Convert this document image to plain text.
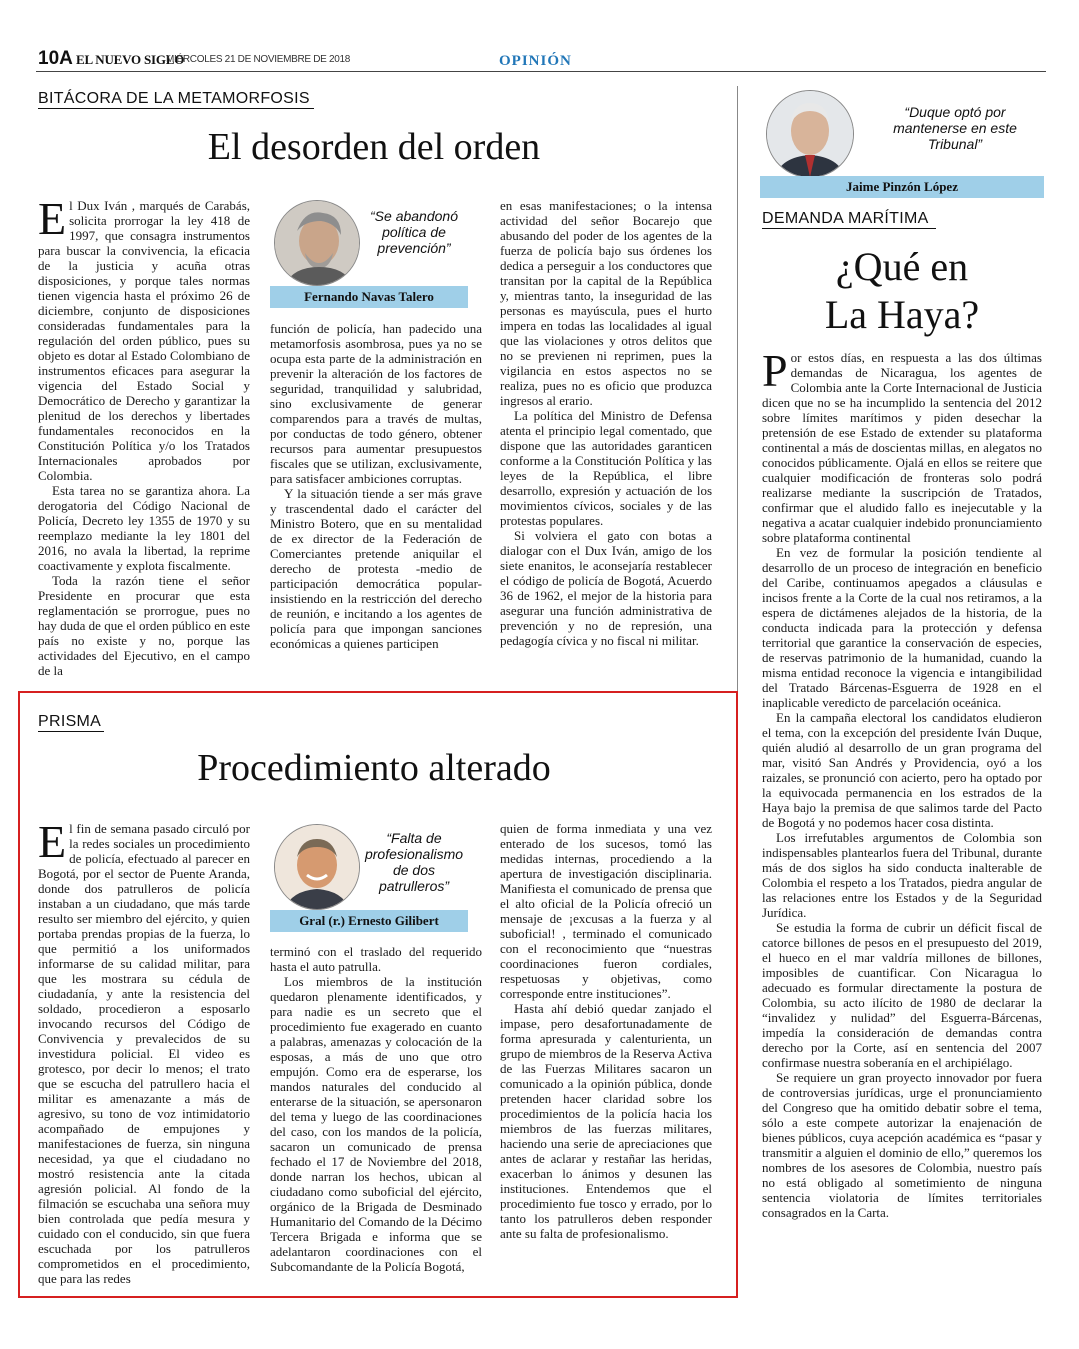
10A EL NUEVO SIGLO
MIÉRCOLES 21 DE NOVIEMBRE DE 2018	OPINIÓN
BITÁCORA DE LA METAMORFOSIS
El desorden del orden

El Dux Iván , marqués de Carabás, solicita prorrogar la ley 418 de 1997, que consagra instrumentos para buscar la convivencia, la eficacia de la justicia y acuña otras disposiciones, y porque tales normas tienen vigencia hasta el próximo 26 de diciembre, conjunto de disposiciones consideradas fundamentales para la regulación del orden público, pues su objeto es dotar al Estado Colombiano de instrumentos eficaces para asegurar la vigencia del Estado Social y Democrático de Derecho y garantizar la plenitud de los derechos y libertades fundamentales reconocidos en la Constitución Política y/o los Tratados Internacionales aprobados por Colombia.

Esta tarea no se garantiza ahora. La derogatoria del Código Nacional de Policía, Decreto ley 1355 de 1970 y su reemplazo mediante la ley 1801 del 2016, no avala la libertad, la reprime coactivamente y explota fiscalmente.

Toda la razón tiene el señor Presidente en procurar que esta reglamentación se prorrogue, pues no hay duda de que el orden público en este país no existe y no, porque las actividades del Ejecutivo, en el campo de la

“Se abandonó política de prevención”
Fernando Navas Talero

función de policía, han padecido una metamorfosis asombrosa, pues ya no se ocupa esta parte de la administración en prevenir la alteración de los factores de seguridad, tranquilidad y salubridad, sino exclusivamente de generar comparendos para a través de multas, por conductas de todo género, obtener recursos para aumentar presupuestos fiscales que se utilizan, exclusivamente, para satisfacer ambiciones corruptas.

Y la situación tiende a ser más grave y trascendental dado el carácter del Ministro Botero, que en su mentalidad de ex director de la Federación de Comerciantes pretende aniquilar el derecho de protesta -medio de participación democrática popular- insistiendo en la restricción del derecho de reunión, e incitando a los agentes de policía para que impongan sanciones económicas a quienes participen

en esas manifestaciones; o la intensa actividad del señor Bocarejo que abusando del poder de los agentes de la fuerza de policía bajo sus órdenes los dedica a perseguir a los conductores que transitan por la capital de la República y, mientras tanto, la inseguridad de las personas es mayúscula, pues el hurto impera en todas las localidades al igual que las violaciones y otros delitos que no se previenen ni reprimen, pues la vigilancia en estos aspectos no se realiza, pues no es oficio que produzca ingresos al erario.

La política del Ministro de Defensa atenta el principio legal comentado, que dispone que las autoridades garanticen conforme a la Constitución Política y las leyes de la República, el libre desarrollo, expresión y actuación de los movimientos cívicos, sociales y de las protestas populares.

Si volviera el gato con botas a dialogar con el Dux Iván, amigo de los siete enanitos, le aconsejaría restablecer el código de policía de Bogotá, Acuerdo 36 de 1962, el mejor de la historia para asegurar una función administrativa de prevención y no de represión, una pedagogía cívica y no fiscal ni militar.

“Duque optó por mantenerse en este Tribunal”
Jaime Pinzón López
DEMANDA MARÍTIMA
¿Qué en
La Haya?

Por estos días, en respuesta a las dos últimas demandas de Nicaragua, los agentes de Colombia ante la Corte Internacional de Justicia dicen que no se ha incumplido la sentencia del 2012 sobre límites marítimos y piden desechar la pretensión de ese Estado de extender su plataforma continental a más de doscientas millas, en alegatos no conocidos públicamente. Ojalá en ellos se reitere que cualquier modificación de fronteras solo podrá realizarse mediante la suscripción de Tratados, confirmar que el aludido fallo es inejecutable y la negativa a acatar cualquier indebido pronunciamiento sobre plataforma continental

En vez de formular la posición tendiente al desarrollo de un proceso de integración en beneficio del Caribe, continuamos apegados a cláusulas e incisos frente a la Corte de la cual nos retiramos, a la espera de dictámenes alejados de la historia, de la conducta indicada para la protección y defensa territorial que garantice la conservación de especies, de reservas patrimonio de la humanidad, cuando la misma entidad reconoce la vigencia e intangibilidad del Tratado Bárcenas-Esguerra de 1928 en el inaplicable veredicto de parcelación oceánica.

En la campaña electoral los candidatos eludieron el tema, con la excepción del presidente Iván Duque, quién aludió al desarrollo de un gran programa del mar, visitó San Andrés y Providencia, oyó a los raizales, se pronunció con acierto, pero ha optado por la equivocada permanencia en los estrados de la Haya bajo la premisa de que salimos tarde del Pacto de Bogotá y no podemos hacer cosa distinta.

Los irrefutables argumentos de Colombia son indispensables plantearlos fuera del Tribunal, durante más de dos siglos ha sido conducta inalterable de Colombia el respeto a los Tratados, piedra angular de las relaciones entre los Estados y de la Seguridad Jurídica.

Se estudia la forma de cubrir un déficit fiscal de catorce billones de pesos en el presupuesto del 2019, el hueco en el mar valdría millones de billones, imposibles de cuantificar. Con Nicaragua lo adecuado es formular directamente la postura de Colombia, su acto ilícito de 1980 de declarar la “invalidez y nulidad” del Esguerra-Bárcenas, impedía la consideración de demandas contra derecho por la Corte, así en sentencia del 2007 confirmase nuestra soberanía en el archipiélago.

Se requiere un gran proyecto innovador por fuera de controversias jurídicas, urge el pronunciamiento del Congreso que ha omitido debatir sobre el tema, sólo a este compete autorizar la enajenación de bienes públicos, cuya acepción académica es “pasar y transmitir a alguien el dominio de ello,” queremos los nombres de los asesores de Colombia, nuestro país no está obligado al sometimiento de ninguna sentencia violatoria de límites territoriales consagrados en la Carta.

PRISMA
Procedimiento alterado

El fin de semana pasado circuló por la redes sociales un procedimiento de policía, efectuado al parecer en Bogotá, por el sector de Puente Aranda, donde dos patrulleros de policía instaban a un ciudadano, que más tarde resulto ser miembro del ejército, y quien portaba prendas propias de la fuerza, lo que permitió a los uniformados informarse de su calidad militar, para que les mostrara su cédula de ciudadanía, y ante la resistencia del soldado, procedieron a esposarlo invocando recursos del Código de Convivencia y prevalecidos de su investidura policial. El video es grotesco, por decir lo menos; el trato que se escucha del patrullero hacia el militar es amenazante a más de agresivo, su tono de voz intimidatorio acompañado de empujones y manifestaciones de fuerza, sin ninguna necesidad, ya que el ciudadano no mostró resistencia ante la citada agresión policial. Al fondo de la filmación se escuchaba una señora muy bien controlada que pedía mesura y cuidado con el conducido, sin que fuera escuchada por los patrulleros comprometidos en el procedimiento, que para las redes

“Falta de profesionalismo de dos patrulleros”
Gral (r.) Ernesto Gilibert

terminó con el traslado del requerido hasta el auto patrulla.

Los miembros de la institución quedaron plenamente identificados, y para nadie es un secreto que el procedimiento fue exagerado en cuanto a palabras, amenazas y colocación de la esposas, a más de uno que otro empujón. Como era de esperarse, los mandos naturales del conducido al enterarse de la situación, se apersonaron del tema y luego de las coordinaciones del caso, con los mandos de la policía, sacaron un comunicado de prensa fechado el 17 de Noviembre del 2018, donde narran los hechos, ubican al ciudadano como suboficial del ejército, orgánico de la Brigada de Desminado Humanitario del Comando de la Décimo Tercera Brigada e informa que se adelantaron coordinaciones con el Subcomandante de la Policía Bogotá,

quien de forma inmediata y una vez enterado de los sucesos, tomó las medidas internas, procediendo a la apertura de investigación disciplinaria. Manifiesta el comunicado de prensa que el alto oficial de la Policía ofreció un mensaje de ¡excusas a la fuerza y al suboficial! , terminado el comunicado con el reconocimiento que “nuestras coordinaciones fueron cordiales, respetuosas y objetivas, como corresponde entre instituciones”.

Hasta ahí debió quedar zanjado el impase, pero desafortunadamente de forma apresurada y calenturienta, un grupo de miembros de la Reserva Activa de las Fuerzas Militares sacaron un comunicado a la opinión pública, donde pretenden hacer claridad sobre los procedimientos de la policía hacia los miembros de las fuerzas militares, haciendo una serie de apreciaciones que antes de aclarar y restañar las heridas, exacerban lo ánimos y desunen las instituciones. Entendemos que el procedimiento fue tosco y errado, por lo tanto los patrulleros deben responder ante su falta de profesionalismo.
